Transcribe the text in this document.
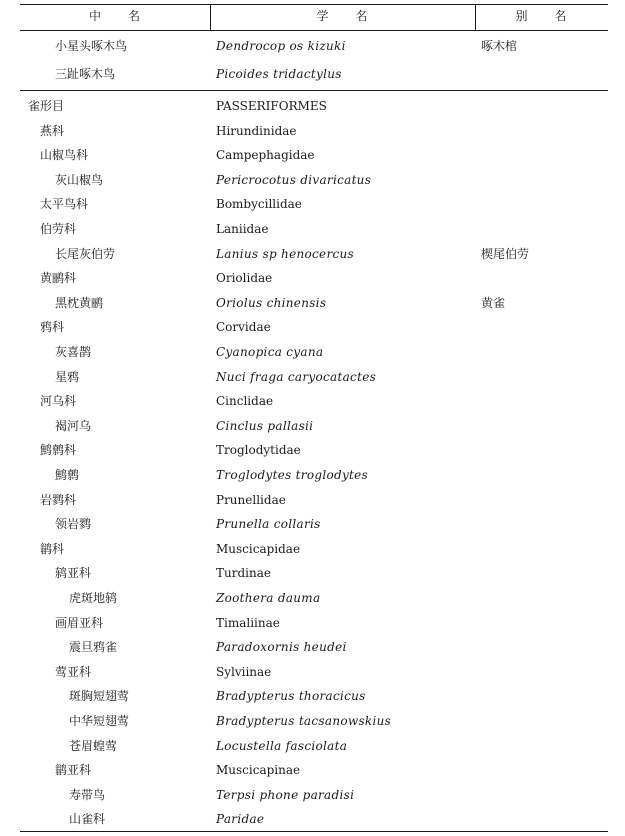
中　　名	学　　名	别　　名
小星头啄木鸟	Dendrocop os kizuki	啄木棺
三趾啄木鸟	Picoides tridactylus
雀形目	PASSERIFORMES
燕科	Hirundinidae
山椒鸟科	Campephagidae
灰山椒鸟	Pericrocotus divaricatus
太平鸟科	Bombycillidae
伯劳科	Laniidae
长尾灰伯劳	Lanius sp henocercus	楔尾伯劳
黄鹂科	Oriolidae
黑枕黄鹂	Oriolus chinensis	黄雀
鸦科	Corvidae
灰喜鹊	Cyanopica cyana
星鸦	Nuci fraga caryocatactes
河乌科	Cinclidae
褐河乌	Cinclus pallasii
鹪鹩科	Troglodytidae
鹪鹩	Troglodytes troglodytes
岩鹨科	Prunellidae
领岩鹨	Prunella collaris
鹟科	Muscicapidae
鸫亚科	Turdinae
虎斑地鸫	Zoothera dauma
画眉亚科	Timaliinae
震旦鸦雀	Paradoxornis heudei
莺亚科	Sylviinae
斑胸短翅莺	Bradypterus thoracicus
中华短翅莺	Bradypterus tacsanowskius
苍眉蝗莺	Locustella fasciolata
鹟亚科	Muscicapinae
寿带鸟	Terpsi phone paradisi
山雀科	Paridae
